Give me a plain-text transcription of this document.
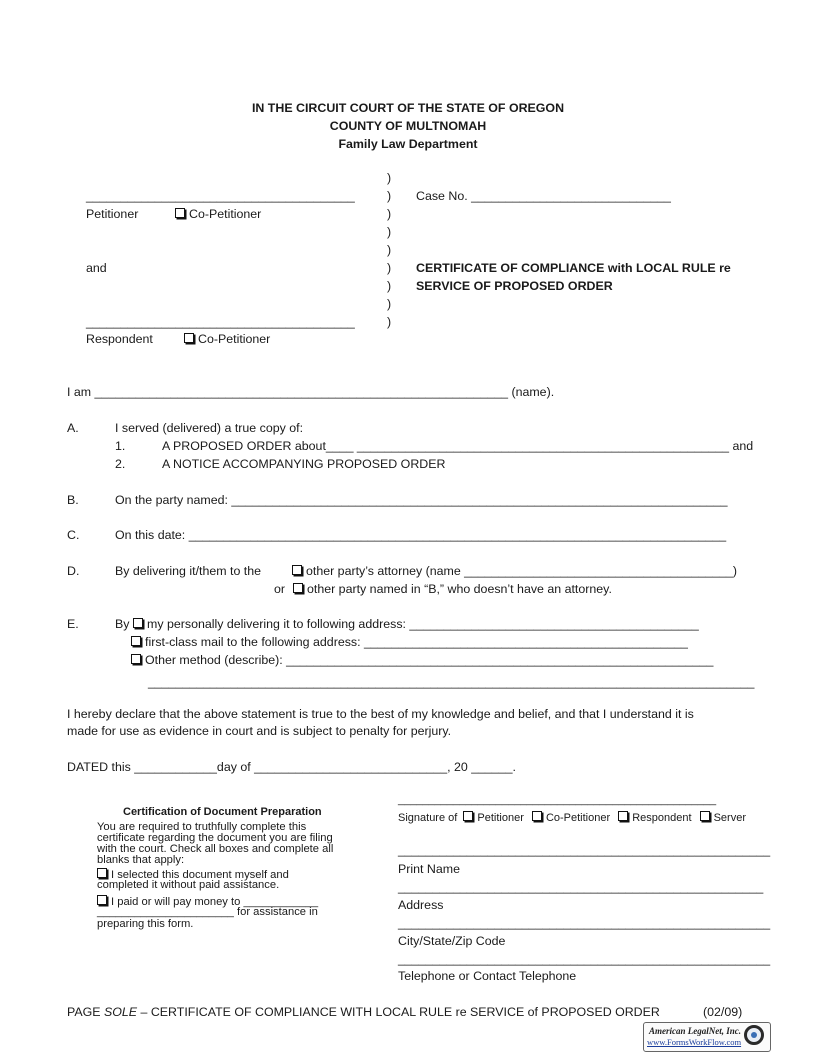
IN THE CIRCUIT COURT OF THE STATE OF OREGON
COUNTY OF MULTNOMAH
Family Law Department
_______________________________________
Petitioner	Co-Petitioner
and
_______________________________________
Respondent	Co-Petitioner
)
)
)
)
)
)
)
)
)
Case No. _____________________________
CERTIFICATE OF COMPLIANCE with LOCAL RULE re
SERVICE OF PROPOSED ORDER
I am ____________________________________________________________ (name).
A.	I served (delivered) a true copy of:
1.	A PROPOSED ORDER about____ ______________________________________________________ and
2.	A NOTICE ACCOMPANYING PROPOSED ORDER
B.	On the party named: ________________________________________________________________________
C.	On this date: ______________________________________________________________________________
D.	By delivering it/them to the	other party’s attorney (name _______________________________________)
or	other party named in “B,” who doesn’t have an attorney.
E.	By	my personally delivering it to following address: __________________________________________
first-class mail to the following address: _______________________________________________
Other method (describe): ______________________________________________________________
________________________________________________________________________________________
I hereby declare that the above statement is true to the best of my knowledge and belief, and that I understand it is
made for use as evidence in court and is subject to penalty for perjury.
DATED this ____________day of ____________________________, 20 ______.
Certification of Document Preparation
You are required to truthfully complete this
certificate regarding the document you are filing
with the court. Check all boxes and complete all
blanks that apply:
I selected this document myself and
completed it without paid assistance.
I paid or will pay money to ____________
______________________ for assistance in
preparing this form.
____________________________________________________
Signature of Petitioner Co-Petitioner Respondent Server
______________________________________________________
Print Name
_____________________________________________________
Address
______________________________________________________
City/State/Zip Code
______________________________________________________
Telephone or Contact Telephone
PAGE SOLE – CERTIFICATE OF COMPLIANCE WITH LOCAL RULE re SERVICE of PROPOSED ORDER	(02/09)
American LegalNet, Inc.
www.FormsWorkFlow.com
